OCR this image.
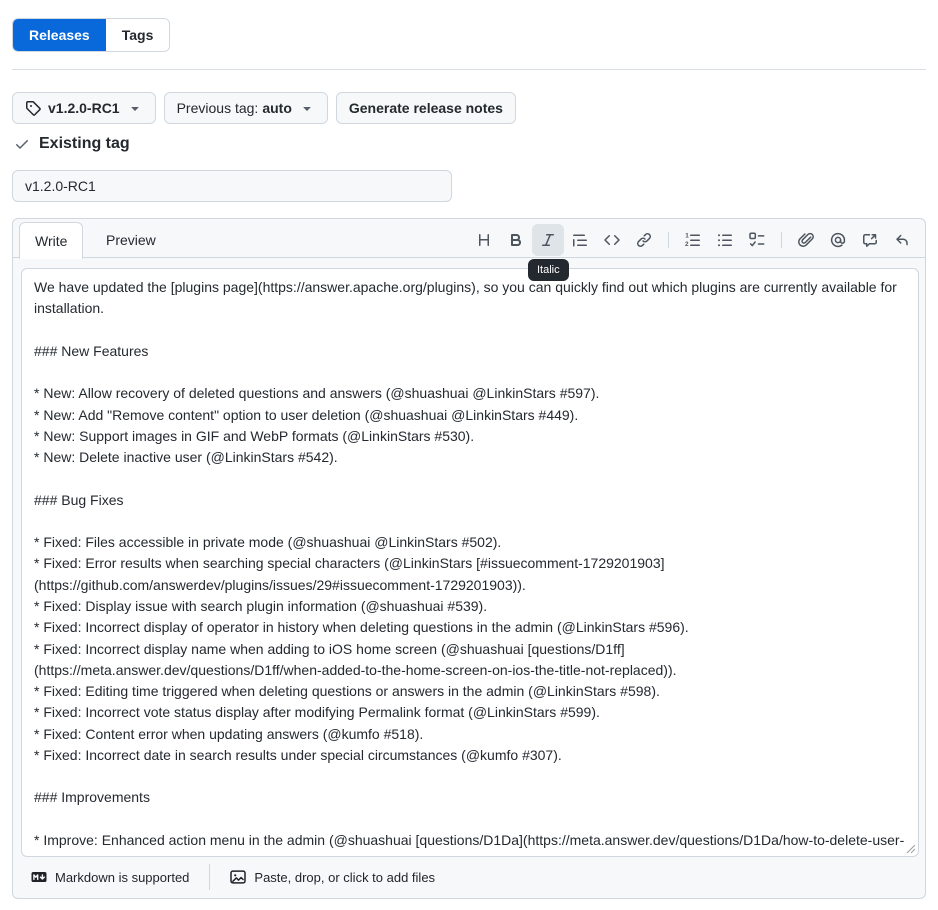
Releases	Tags
v1.2.0-RC1	Previous tag: auto	Generate release notes
Existing tag
v1.2.0-RC1
Write	Preview	1
2
Italic
We have updated the [plugins page](https://answer.apache.org/plugins), so you can quickly find out which plugins are currently available for installation. ### New Features * New: Allow recovery of deleted questions and answers (@shuashuai @LinkinStars #597). * New: Add "Remove content" option to user deletion (@shuashuai @LinkinStars #449). * New: Support images in GIF and WebP formats (@LinkinStars #530). * New: Delete inactive user (@LinkinStars #542). ### Bug Fixes * Fixed: Files accessible in private mode (@shuashuai @LinkinStars #502). * Fixed: Error results when searching special characters (@LinkinStars [#issuecomment-1729201903](https://github.com/answerdev/plugins/issues/29#issuecomment-1729201903)). * Fixed: Display issue with search plugin information (@shuashuai #539). * Fixed: Incorrect display of operator in history when deleting questions in the admin (@LinkinStars #596). * Fixed: Incorrect display name when adding to iOS home screen (@shuashuai [questions/D1ff](https://meta.answer.dev/questions/D1ff/when-added-to-the-home-screen-on-ios-the-title-not-replaced)). * Fixed: Editing time triggered when deleting questions or answers in the admin (@LinkinStars #598). * Fixed: Incorrect vote status display after modifying Permalink format (@LinkinStars #599). * Fixed: Content error when updating answers (@kumfo #518). * Fixed: Incorrect date in search results under special circumstances (@kumfo #307). ### Improvements * Improve: Enhanced action menu in the admin (@shuashuai [questions/D1Da](https://meta.answer.dev/questions/D1Da/how-to-delete-user-from-admin)).
Markdown is supported	Paste, drop, or click to add files
